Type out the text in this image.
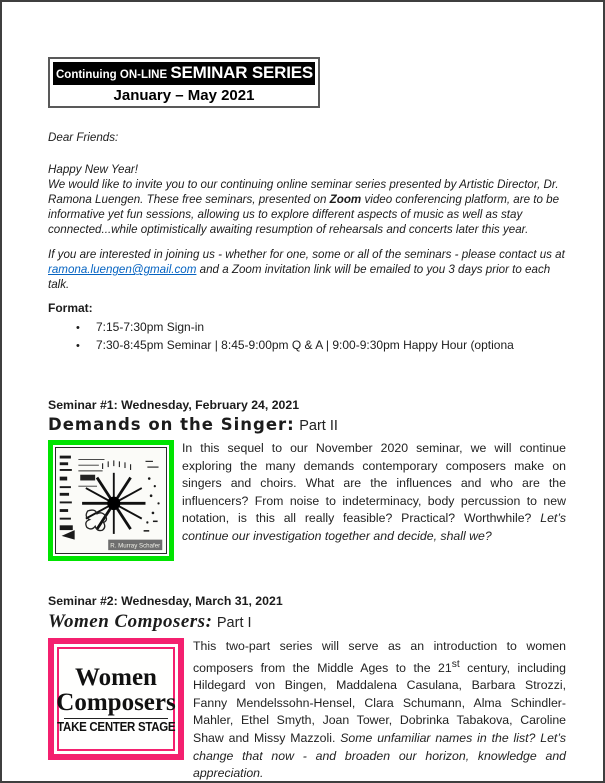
Continuing ON-LINE SEMINAR SERIES
January – May 2021
Dear Friends:
Happy New Year!
We would like to invite you to our continuing online seminar series presented by Artistic Director, Dr. Ramona Luengen. These free seminars, presented on Zoom video conferencing platform, are to be informative yet fun sessions, allowing us to explore different aspects of music as well as stay connected...while optimistically awaiting resumption of rehearsals and concerts later this year.
If you are interested in joining us - whether for one, some or all of the seminars - please contact us at ramona.luengen@gmail.com and a Zoom invitation link will be emailed to you 3 days prior to each talk.
Format:
• 7:15-7:30pm Sign-in
• 7:30-8:45pm Seminar | 8:45-9:00pm Q & A | 9:00-9:30pm Happy Hour (optiona
Seminar #1: Wednesday, February 24, 2021
Demands on the Singer: Part II
R. Murray Schafer
In this sequel to our November 2020 seminar, we will continue exploring the many demands contemporary composers make on singers and choirs. What are the influences and who are the influencers? From noise to indeterminacy, body percussion to new notation, is this all really feasible? Practical? Worthwhile? Let’s continue our investigation together and decide, shall we?
Seminar #2: Wednesday, March 31, 2021
Women Composers: Part I
Women
Composers
TAKE CENTER STAGE
This two-part series will serve as an introduction to women composers from the Middle Ages to the 21st century, including Hildegard von Bingen, Maddalena Casulana, Barbara Strozzi, Fanny Mendelssohn-Hensel, Clara Schumann, Alma Schindler-Mahler, Ethel Smyth, Joan Tower, Dobrinka Tabakova, Caroline Shaw and Missy Mazzoli. Some unfamiliar names in the list? Let’s change that now - and broaden our horizon, knowledge and appreciation.
